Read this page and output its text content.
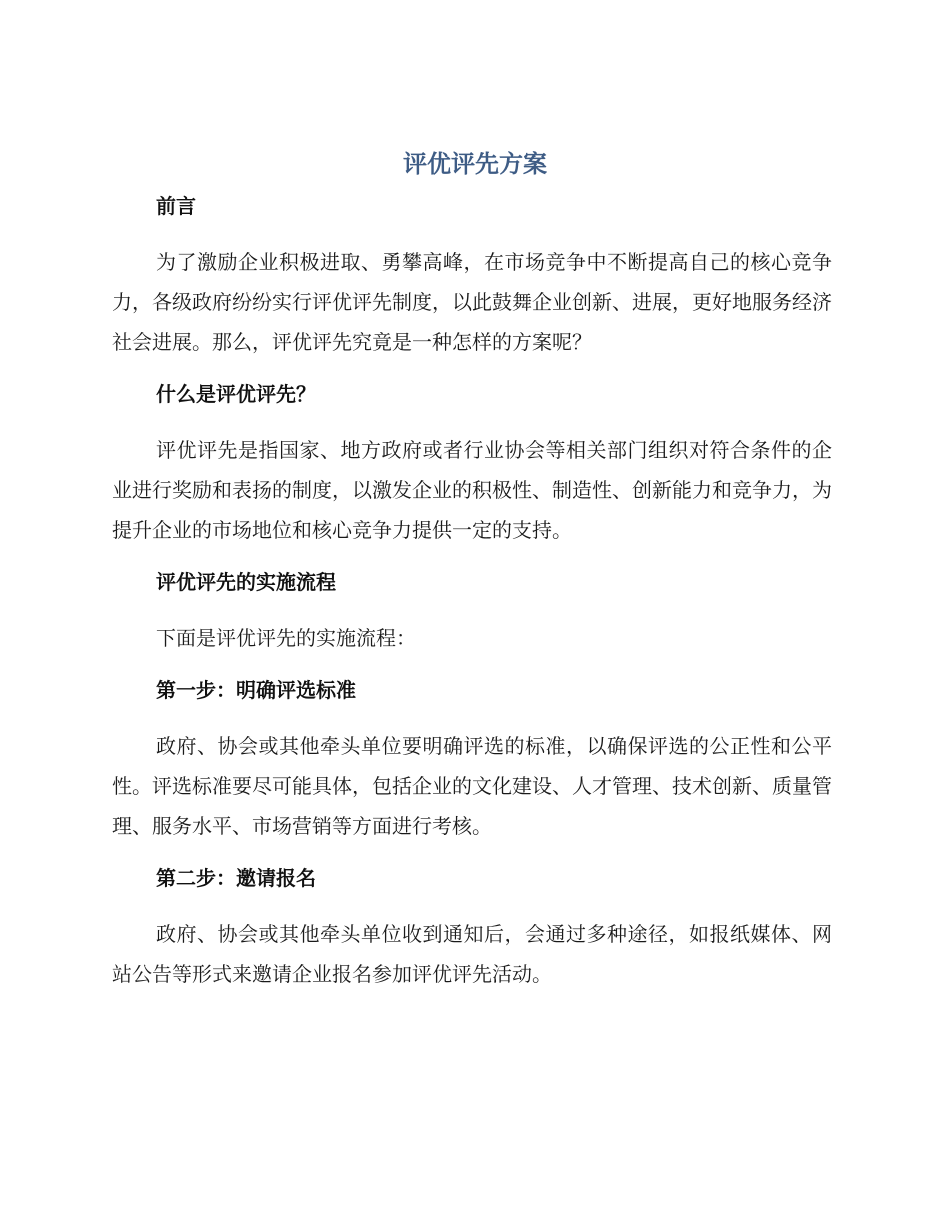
评优评先方案
前言

为了激励企业积极进取、勇攀高峰，在市场竞争中不断提高自己的核心竞争力，各级政府纷纷实行评优评先制度，以此鼓舞企业创新、进展，更好地服务经济社会进展。那么，评优评先究竟是一种怎样的方案呢？

什么是评优评先？

评优评先是指国家、地方政府或者行业协会等相关部门组织对符合条件的企业进行奖励和表扬的制度，以激发企业的积极性、制造性、创新能力和竞争力，为提升企业的市场地位和核心竞争力提供一定的支持。

评优评先的实施流程

下面是评优评先的实施流程：

第一步：明确评选标准

政府、协会或其他牵头单位要明确评选的标准，以确保评选的公正性和公平性。评选标准要尽可能具体，包括企业的文化建设、人才管理、技术创新、质量管理、服务水平、市场营销等方面进行考核。

第二步：邀请报名

政府、协会或其他牵头单位收到通知后，会通过多种途径，如报纸媒体、网站公告等形式来邀请企业报名参加评优评先活动。
